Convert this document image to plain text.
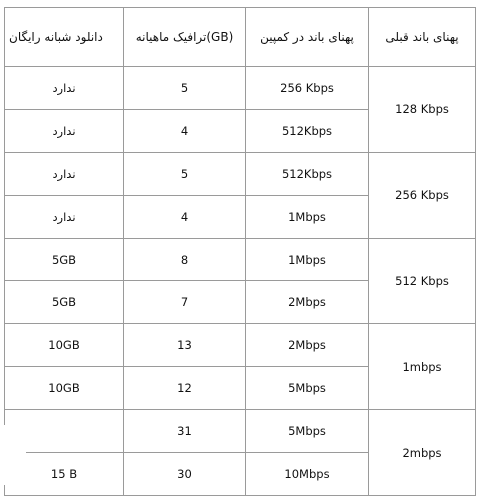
دانلود شبانه رایگان	ترافیک ماهیانه(GB)	پهنای باند در کمپین	پهنای باند قبلی
ندارد	5	256 Kbps	128 Kbps
ندارد	4	512Kbps	
ندارد	5	512Kbps	256 Kbps
ندارد	4	1Mbps	
5GB	8	1Mbps	512 Kbps
5GB	7	2Mbps	
10GB	13	2Mbps	1mbps
10GB	12	5Mbps	
	31	5Mbps	2mbps
15 B	30	10Mbps	
